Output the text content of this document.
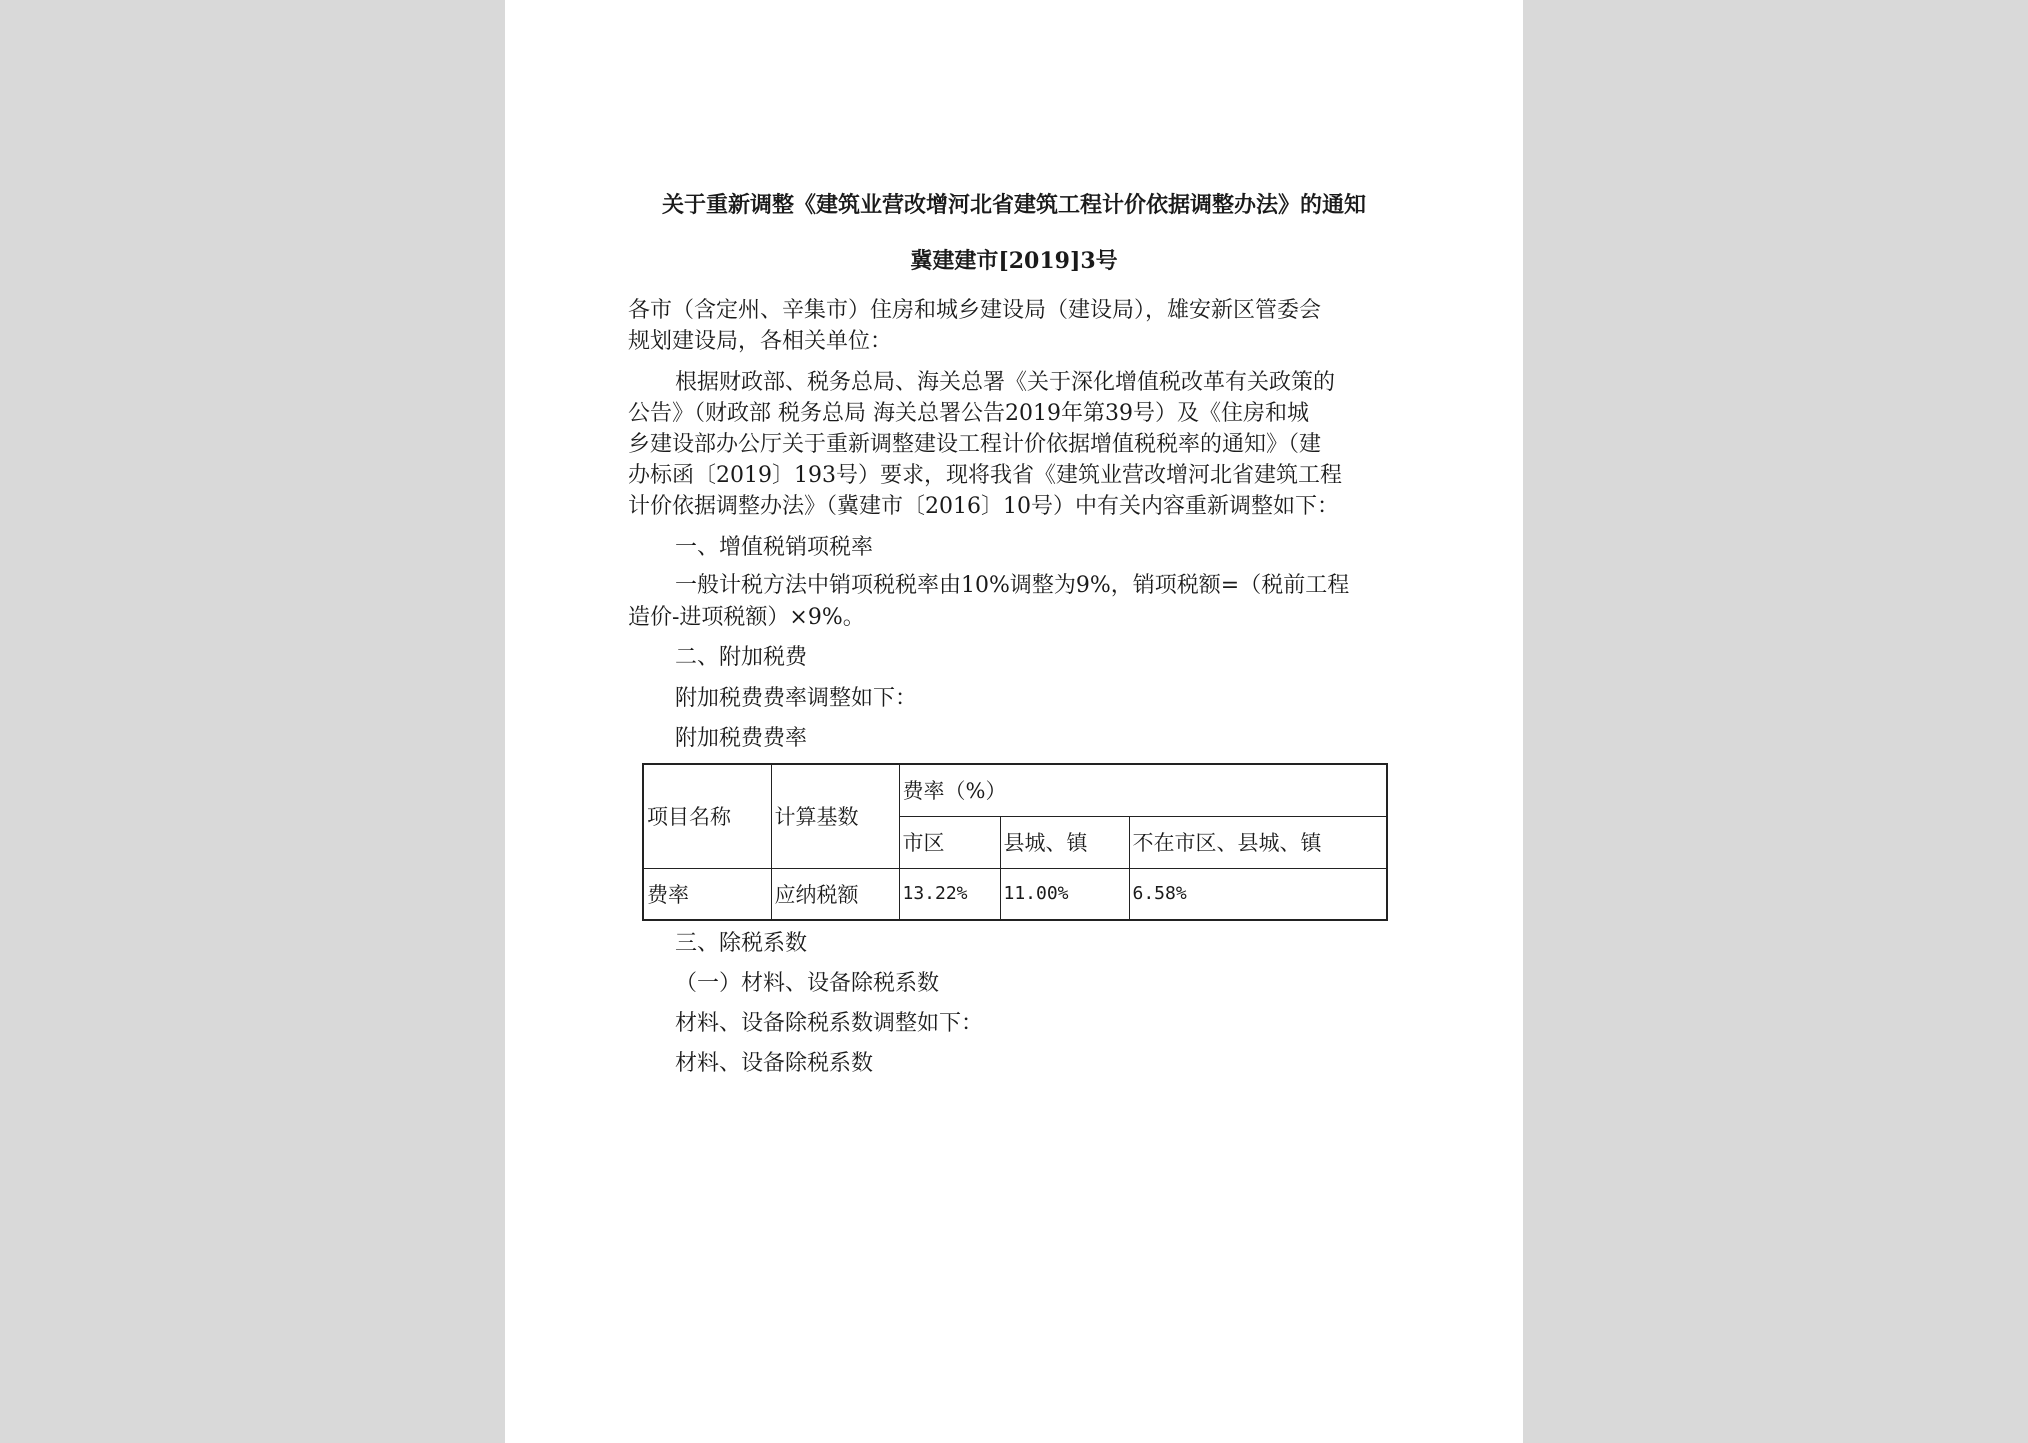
关于重新调整《建筑业营改增河北省建筑工程计价依据调整办法》的通知
冀建建市[2019]3号
各市（含定州、辛集市）住房和城乡建设局（建设局），雄安新区管委会
规划建设局，各相关单位：
根据财政部、税务总局、海关总署《关于深化增值税改革有关政策的
公告》（财政部 税务总局 海关总署公告2019年第39号）及《住房和城
乡建设部办公厅关于重新调整建设工程计价依据增值税税率的通知》（建
办标函〔2019〕193号）要求，现将我省《建筑业营改增河北省建筑工程
计价依据调整办法》（冀建市〔2016〕10号）中有关内容重新调整如下：
一、增值税销项税率
一般计税方法中销项税税率由10%调整为9%，销项税额=（税前工程
造价-进项税额）×9%。
二、附加税费
附加税费费率调整如下：
附加税费费率
项目名称	计算基数	费率（%）		
		市区	县城、镇	不在市区、县城、镇
费率	应纳税额	13.22%	11.00%	6.58%
三、除税系数
（一）材料、设备除税系数
材料、设备除税系数调整如下：
材料、设备除税系数
